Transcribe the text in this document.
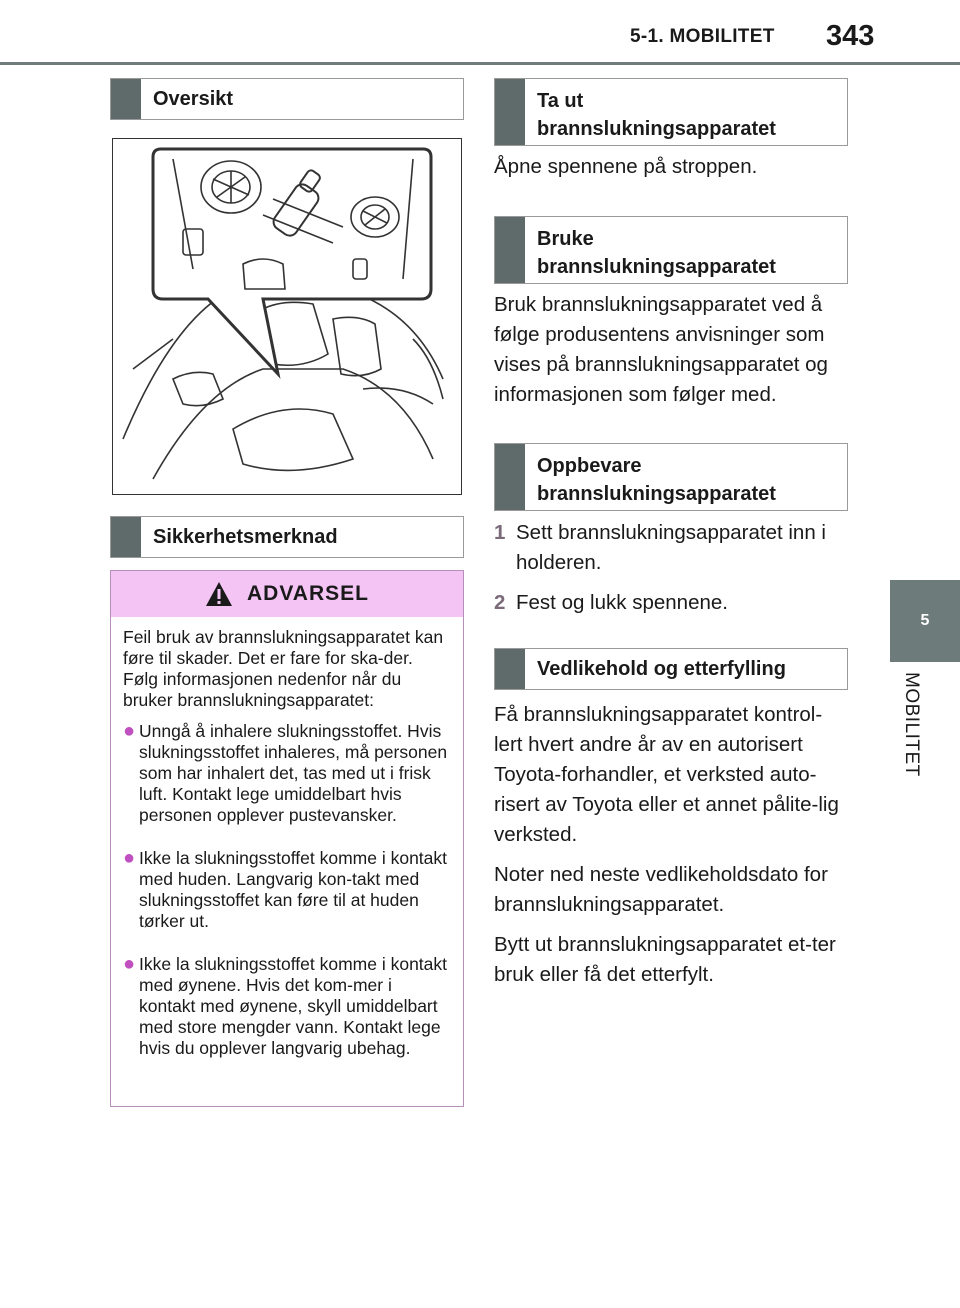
5-1. MOBILITET 343
5
MOBILITET
Oversikt
Sikkerhetsmerknad
ADVARSEL

Feil bruk av brannslukningsapparatet kan føre til skader. Det er fare for ska-der. Følg informasjonen nedenfor når du bruker brannslukningsapparatet:

● Unngå å inhalere slukningsstoffet. Hvis slukningsstoffet inhaleres, må personen som har inhalert det, tas med ut i frisk luft. Kontakt lege umiddelbart hvis personen opplever pustevansker.
● Ikke la slukningsstoffet komme i kontakt med huden. Langvarig kon-takt med slukningsstoffet kan føre til at huden tørker ut.
● Ikke la slukningsstoffet komme i kontakt med øynene. Hvis det kom-mer i kontakt med øynene, skyll umiddelbart med store mengder vann. Kontakt lege hvis du opplever langvarig ubehag.
Ta ut brannslukningsapparatet

Åpne spennene på stroppen.

Bruke brannslukningsapparatet

Bruk brannslukningsapparatet ved å følge produsentens anvisninger som vises på brannslukningsapparatet og informasjonen som følger med.

Oppbevare brannslukningsapparatet
1 Sett brannslukningsapparatet inn i holderen.
2 Fest og lukk spennene.
Vedlikehold og etterfylling

Få brannslukningsapparatet kontrol-lert hvert andre år av en autorisert Toyota-forhandler, et verksted auto-risert av Toyota eller et annet pålite-lig verksted.

Noter ned neste vedlikeholdsdato for brannslukningsapparatet.

Bytt ut brannslukningsapparatet et-ter bruk eller få det etterfylt.
